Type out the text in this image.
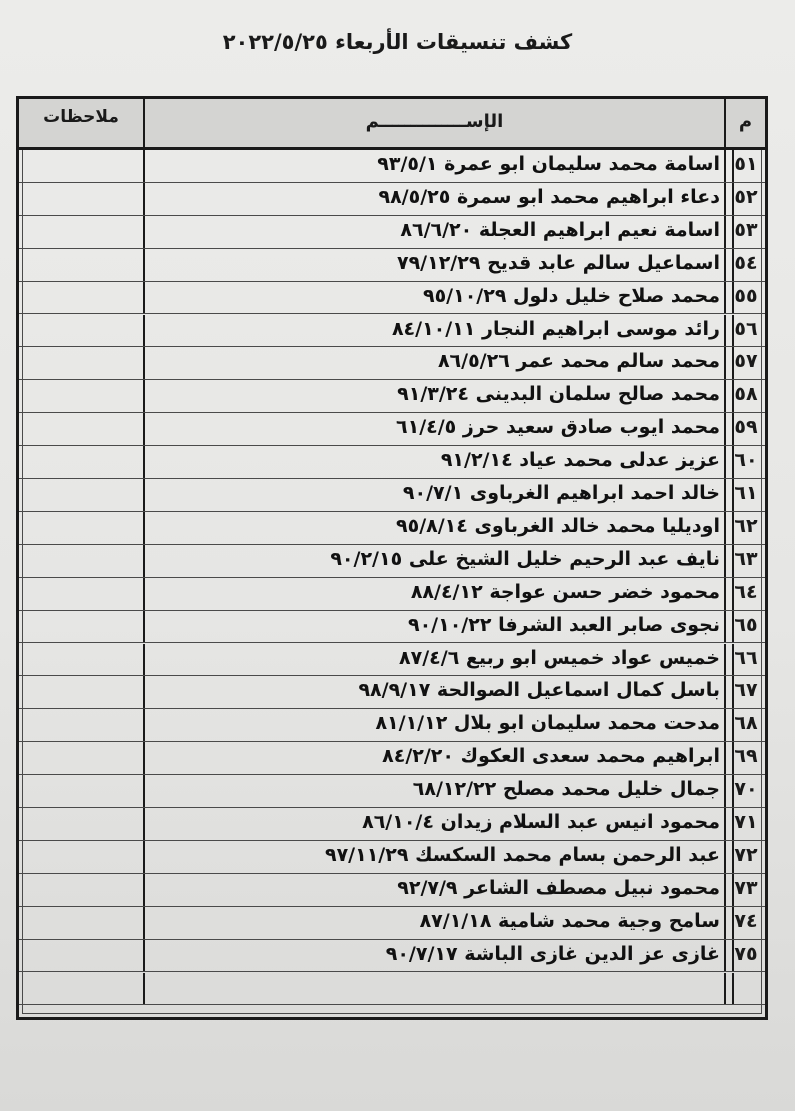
كشف تنسيقات الأربعاء ٢٠٢٢/٥/٢٥
م
الإســــــــــــــم
ملاحظات
٥١
اسامة محمد سليمان ابو عمرة ٩٣/٥/١
٥٢
دعاء ابراهيم محمد ابو سمرة ٩٨/٥/٢٥
٥٣
اسامة نعيم ابراهيم العجلة ٨٦/٦/٢٠
٥٤
اسماعيل سالم عابد قديح ٧٩/١٢/٢٩
٥٥
محمد صلاح خليل دلول ٩٥/١٠/٢٩
٥٦
رائد موسى ابراهيم النجار ٨٤/١٠/١١
٥٧
محمد سالم محمد عمر ٨٦/٥/٢٦
٥٨
محمد صالح سلمان البدينى ٩١/٣/٢٤
٥٩
محمد ايوب صادق سعيد حرز ٦١/٤/٥
٦٠
عزيز عدلى محمد عياد ٩١/٢/١٤
٦١
خالد احمد ابراهيم الغرباوى ٩٠/٧/١
٦٢
اوديليا محمد خالد الغرباوى ٩٥/٨/١٤
٦٣
نايف عبد الرحيم خليل الشيخ على ٩٠/٢/١٥
٦٤
محمود خضر حسن عواجة ٨٨/٤/١٢
٦٥
نجوى صابر العبد الشرفا ٩٠/١٠/٢٢
٦٦
خميس عواد خميس ابو ربيع ٨٧/٤/٦
٦٧
باسل كمال اسماعيل الصوالحة ٩٨/٩/١٧
٦٨
مدحت محمد سليمان ابو بلال ٨١/١/١٢
٦٩
ابراهيم محمد سعدى العكوك ٨٤/٢/٢٠
٧٠
جمال خليل محمد مصلح ٦٨/١٢/٢٢
٧١
محمود انيس عبد السلام زيدان ٨٦/١٠/٤
٧٢
عبد الرحمن بسام محمد السكسك ٩٧/١١/٢٩
٧٣
محمود نبيل مصطف الشاعر ٩٢/٧/٩
٧٤
سامح وجية محمد شامية ٨٧/١/١٨
٧٥
غازى عز الدين غازى الباشة ٩٠/٧/١٧
